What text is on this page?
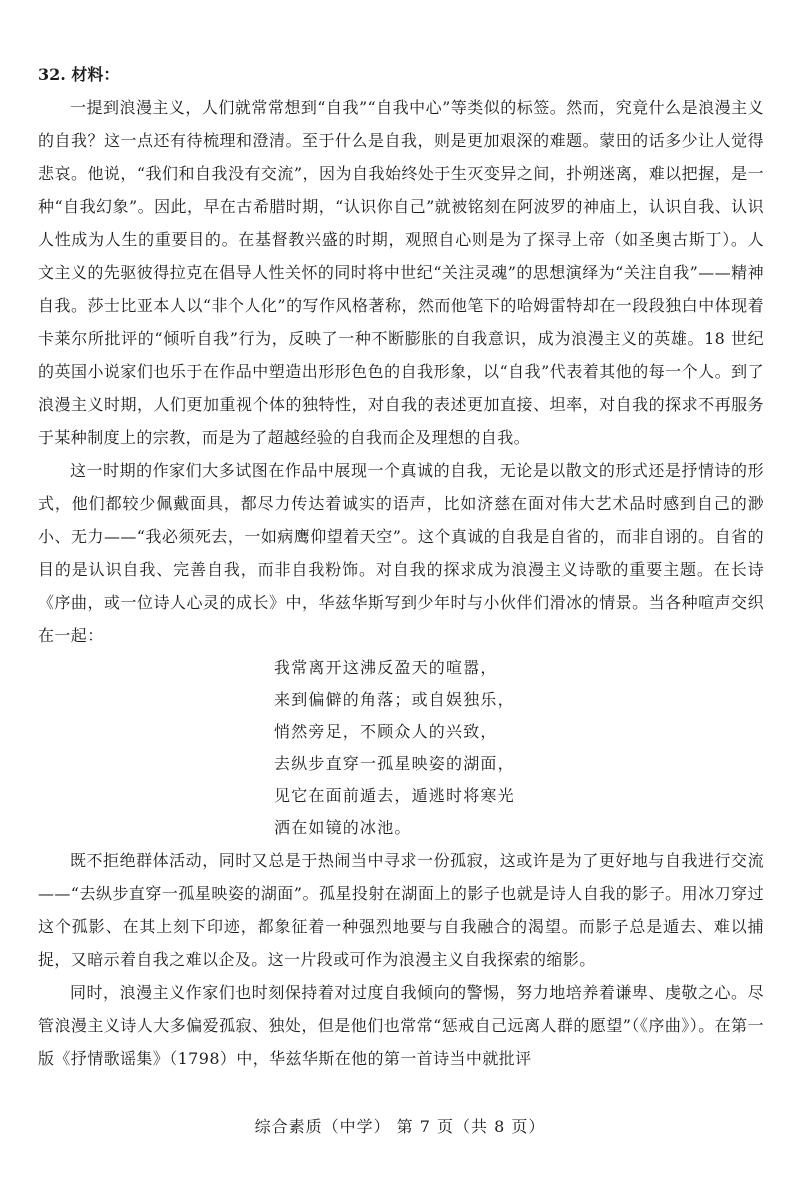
32. 材料：

一提到浪漫主义，人们就常常想到“自我”“自我中心”等类似的标签。然而，究竟什么是浪漫主义的自我？这一点还有待梳理和澄清。至于什么是自我，则是更加艰深的难题。蒙田的话多少让人觉得悲哀。他说，“我们和自我没有交流”，因为自我始终处于生灭变异之间，扑朔迷离，难以把握，是一种“自我幻象”。因此，早在古希腊时期，“认识你自己”就被铭刻在阿波罗的神庙上，认识自我、认识人性成为人生的重要目的。在基督教兴盛的时期，观照自心则是为了探寻上帝（如圣奥古斯丁）。人文主义的先驱彼得拉克在倡导人性关怀的同时将中世纪“关注灵魂”的思想演绎为“关注自我”——精神自我。莎士比亚本人以“非个人化”的写作风格著称，然而他笔下的哈姆雷特却在一段段独白中体现着卡莱尔所批评的“倾听自我”行为，反映了一种不断膨胀的自我意识，成为浪漫主义的英雄。18 世纪的英国小说家们也乐于在作品中塑造出形形色色的自我形象，以“自我”代表着其他的每一个人。到了浪漫主义时期，人们更加重视个体的独特性，对自我的表述更加直接、坦率，对自我的探求不再服务于某种制度上的宗教，而是为了超越经验的自我而企及理想的自我。

这一时期的作家们大多试图在作品中展现一个真诚的自我，无论是以散文的形式还是抒情诗的形式，他们都较少佩戴面具，都尽力传达着诚实的语声，比如济慈在面对伟大艺术品时感到自己的渺小、无力——“我必须死去，一如病鹰仰望着天空”。这个真诚的自我是自省的，而非自诩的。自省的目的是认识自我、完善自我，而非自我粉饰。对自我的探求成为浪漫主义诗歌的重要主题。在长诗《序曲，或一位诗人心灵的成长》中，华兹华斯写到少年时与小伙伴们滑冰的情景。当各种喧声交织在一起：

我常离开这沸反盈天的喧嚣，
来到偏僻的角落；或自娱独乐，
悄然旁足，不顾众人的兴致，
去纵步直穿一孤星映姿的湖面，
见它在面前遁去，遁逃时将寒光
洒在如镜的冰池。

既不拒绝群体活动，同时又总是于热闹当中寻求一份孤寂，这或许是为了更好地与自我进行交流——“去纵步直穿一孤星映姿的湖面”。孤星投射在湖面上的影子也就是诗人自我的影子。用冰刀穿过这个孤影、在其上刻下印迹，都象征着一种强烈地要与自我融合的渴望。而影子总是遁去、难以捕捉，又暗示着自我之难以企及。这一片段或可作为浪漫主义自我探索的缩影。

同时，浪漫主义作家们也时刻保持着对过度自我倾向的警惕，努力地培养着谦卑、虔敬之心。尽管浪漫主义诗人大多偏爱孤寂、独处，但是他们也常常“惩戒自己远离人群的愿望”（《序曲》）。在第一版《抒情歌谣集》（1798）中，华兹华斯在他的第一首诗当中就批评

综合素质（中学） 第 7 页（共 8 页）
